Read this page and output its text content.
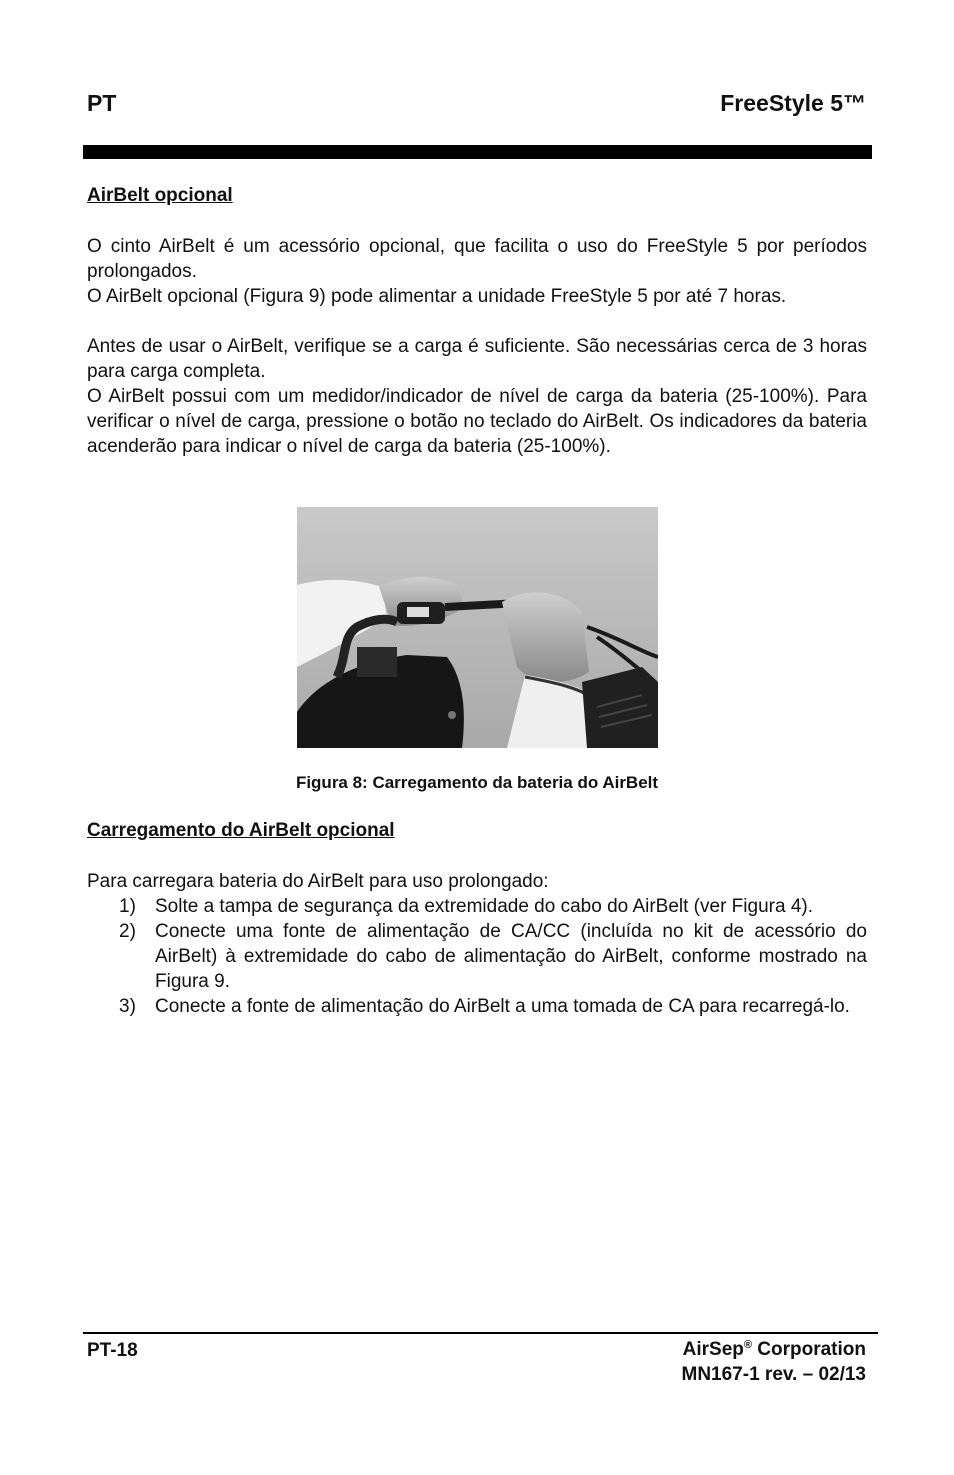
PT	FreeStyle 5™
AirBelt opcional

O cinto AirBelt é um acessório opcional, que facilita o uso do FreeStyle 5 por períodos prolongados.

O AirBelt opcional (Figura 9) pode alimentar a unidade FreeStyle 5 por até 7 horas.

Antes de usar o AirBelt, verifique se a carga é suficiente. São necessárias cerca de 3 horas para carga completa.

O AirBelt possui com um medidor/indicador de nível de carga da bateria (25-100%). Para verificar o nível de carga, pressione o botão no teclado do AirBelt. Os indicadores da bateria acenderão para indicar o nível de carga da bateria (25-100%).

Figura 8: Carregamento da bateria do AirBelt
Carregamento do AirBelt opcional

Para carregara bateria do AirBelt para uso prolongado:

1)	Solte a tampa de segurança da extremidade do cabo do AirBelt (ver Figura 4).
2)	Conecte uma fonte de alimentação de CA/CC (incluída no kit de acessório do AirBelt) à extremidade do cabo de alimentação do AirBelt, conforme mostrado na Figura 9.
3)	Conecte a fonte de alimentação do AirBelt a uma tomada de CA para recarregá-lo.
PT-18	AirSep® Corporation
MN167-1 rev. – 02/13
